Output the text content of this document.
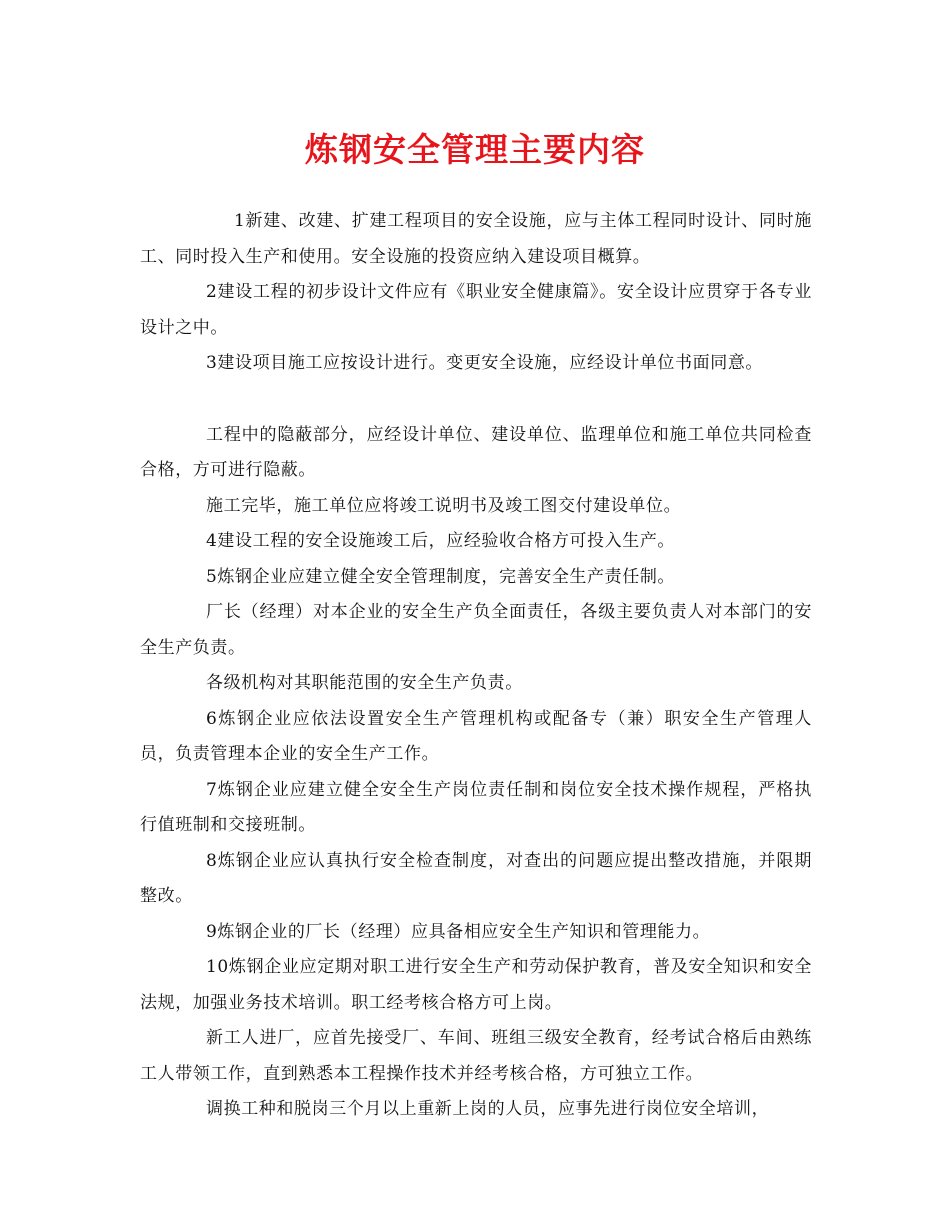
炼钢安全管理主要内容

1新建、改建、扩建工程项目的安全设施，应与主体工程同时设计、同时施工、同时投入生产和使用。安全设施的投资应纳入建设项目概算。

2建设工程的初步设计文件应有《职业安全健康篇》。安全设计应贯穿于各专业设计之中。

3建设项目施工应按设计进行。变更安全设施，应经设计单位书面同意。

工程中的隐蔽部分，应经设计单位、建设单位、监理单位和施工单位共同检查合格，方可进行隐蔽。

施工完毕，施工单位应将竣工说明书及竣工图交付建设单位。

4建设工程的安全设施竣工后，应经验收合格方可投入生产。

5炼钢企业应建立健全安全管理制度，完善安全生产责任制。

厂长（经理）对本企业的安全生产负全面责任，各级主要负责人对本部门的安全生产负责。

各级机构对其职能范围的安全生产负责。

6炼钢企业应依法设置安全生产管理机构或配备专（兼）职安全生产管理人员，负责管理本企业的安全生产工作。

7炼钢企业应建立健全安全生产岗位责任制和岗位安全技术操作规程，严格执行值班制和交接班制。

8炼钢企业应认真执行安全检查制度，对查出的问题应提出整改措施，并限期整改。

9炼钢企业的厂长（经理）应具备相应安全生产知识和管理能力。

10炼钢企业应定期对职工进行安全生产和劳动保护教育，普及安全知识和安全法规，加强业务技术培训。职工经考核合格方可上岗。

新工人进厂，应首先接受厂、车间、班组三级安全教育，经考试合格后由熟练工人带领工作，直到熟悉本工程操作技术并经考核合格，方可独立工作。

调换工种和脱岗三个月以上重新上岗的人员，应事先进行岗位安全培训，
